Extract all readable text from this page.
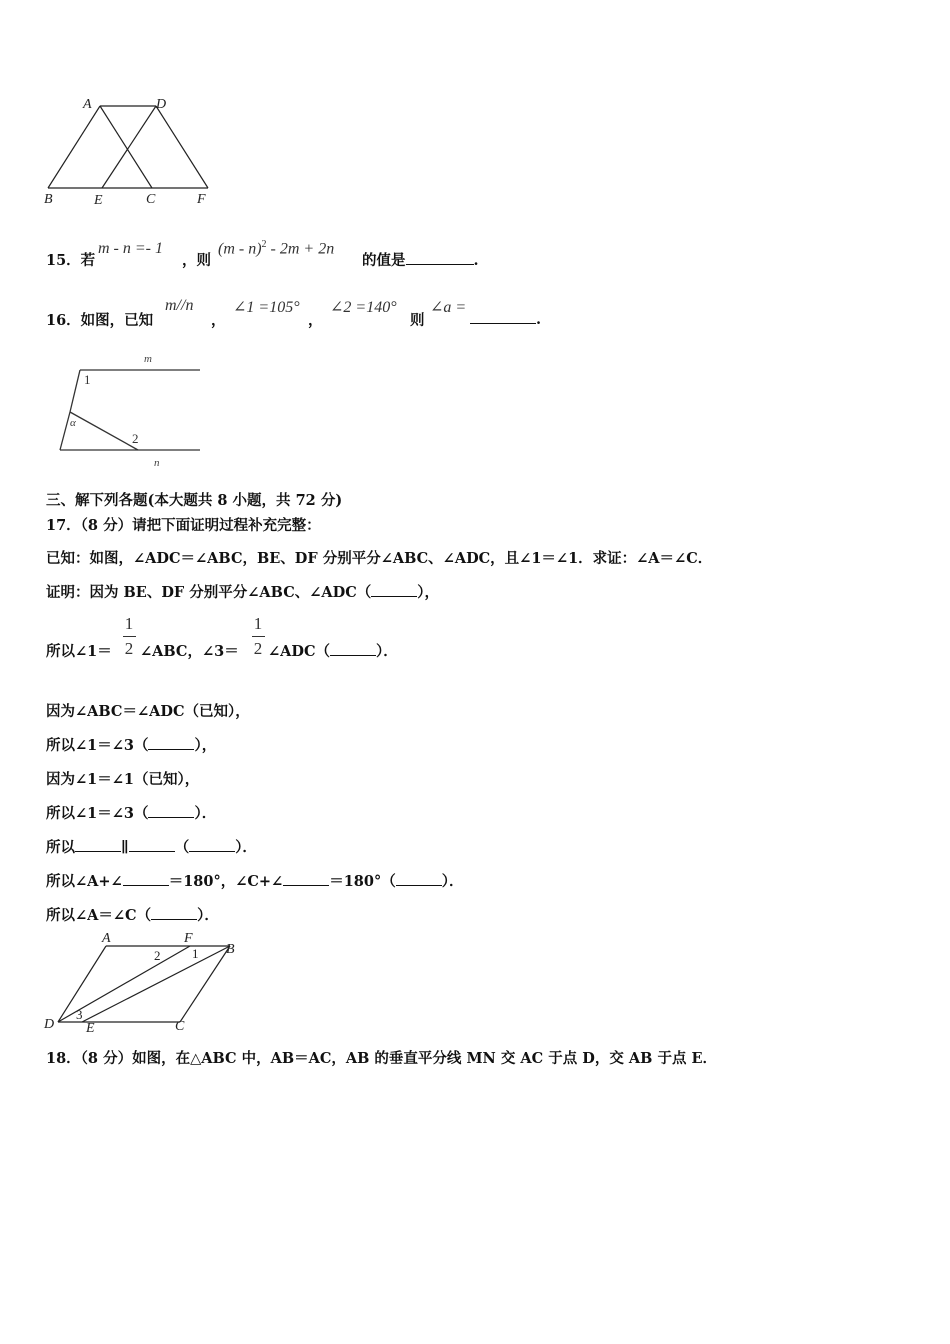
A	D
B	E	C	F
15．若
m - n =- 1
，则
(m - n)$^2$ - 2m + 2n
的值是	.
16．如图，已知
m//n
，
∠1 =105°
，
∠2 =140°
则
∠a =
.
m
n
1
2
α
三、解下列各题(本大题共 8 小题，共 72 分)
17．（8 分）请把下面证明过程补充完整：
已知：如图，∠ADC＝∠ABC，BE、DF 分别平分∠ABC、∠ADC，且∠1＝∠1．求证：∠A＝∠C．
证明：因为 BE、DF 分别平分∠ABC、∠ADC（	），
所以∠1＝
1
2 ∠ABC，∠3＝
1
2 ∠ADC（	）．
因为∠ABC＝∠ADC（已知），
所以∠1＝∠3（	），
因为∠1＝∠1（已知），
所以∠1＝∠3（	）．
所以	∥	（	）．
所以∠A+∠	＝180°，∠C+∠	＝180°（	）．
所以∠A＝∠C（	）．
A	F
B
D E	C
1
2
3
18．（8 分）如图，在△ABC 中，AB＝AC，AB 的垂直平分线 MN 交 AC 于点 D，交 AB 于点 E．
